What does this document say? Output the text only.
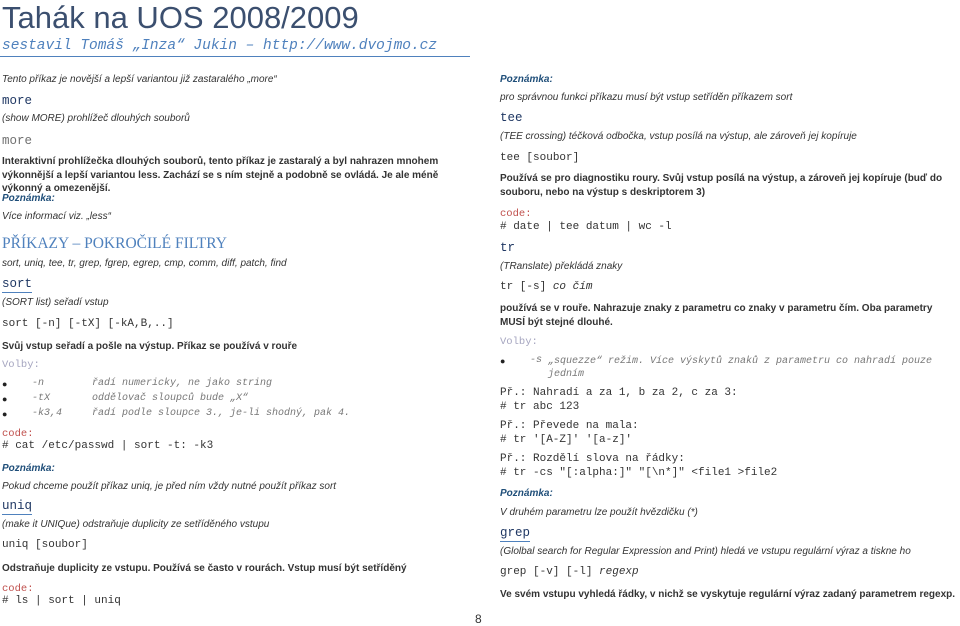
Tahák na UOS 2008/2009
sestavil Tomáš „Inza“ Jukin – http://www.dvojmo.cz
Tento příkaz je novější a lepší variantou již zastaralého „more“
more
(show MORE) prohlížeč dlouhých souborů
more
Interaktivní prohlížečka dlouhých souborů, tento příkaz je zastaralý a byl nahrazen mnohem výkonnější a lepší variantou less. Zachází se s ním stejně a podobně se ovládá. Je ale méně výkonný a omezenější.
Poznámka:
Více informací viz. „less“
PŘÍKAZY – POKROČILÉ FILTRY
sort, uniq, tee, tr, grep, fgrep, egrep, cmp, comm, diff, patch, find
sort
(SORT list) seřadí vstup
sort [-n] [-tX] [-kA,B,..]
Svůj vstup seřadí a pošle na výstup. Příkaz se používá v rouře
Volby:
● -n	řadí numericky, ne jako string
● -tX	oddělovač sloupců bude „X“
● -k3,4	řadí podle sloupce 3., je-li shodný, pak 4.
code:
# cat /etc/passwd | sort -t: -k3
Poznámka:
Pokud chceme použít příkaz uniq, je před ním vždy nutné použít příkaz sort
uniq
(make it UNIQue) odstraňuje duplicity ze setříděného vstupu
uniq [soubor]
Odstraňuje duplicity ze vstupu. Používá se často v rourách. Vstup musí být setříděný
code:
# ls | sort | uniq
8
Poznámka:
pro správnou funkci příkazu musí být vstup setříděn příkazem sort
tee
(TEE crossing) téčková odbočka, vstup posílá na výstup, ale zároveň jej kopíruje
tee [soubor]
Používá se pro diagnostiku roury. Svůj vstup posílá na výstup, a zároveň jej kopíruje (buď do souboru, nebo na výstup s deskriptorem 3)
code:
# date | tee datum | wc -l
tr
(TRanslate) překládá znaky
tr [-s] co čím
používá se v rouře. Nahrazuje znaky z parametru co znaky v parametru čím. Oba parametry MUSÍ být stejné dlouhé.
Volby:
● -s „squezze“ režim. Více výskytů znaků z parametru co nahradí pouze jedním
Př.: Nahradí a za 1, b za 2, c za 3:
# tr abc 123
Př.: Převede na mala:
# tr '[A-Z]' '[a-z]'
Př.: Rozdělí slova na řádky:
# tr -cs "[:alpha:]" "[\n*]" <file1 >file2
Poznámka:
V druhém parametru lze použít hvězdičku (*)
grep
(Glolbal search for Regular Expression and Print) hledá ve vstupu regulární výraz a tiskne ho
grep [-v] [-l] regexp
Ve svém vstupu vyhledá řádky, v nichž se vyskytuje regulární výraz zadaný parametrem regexp.
